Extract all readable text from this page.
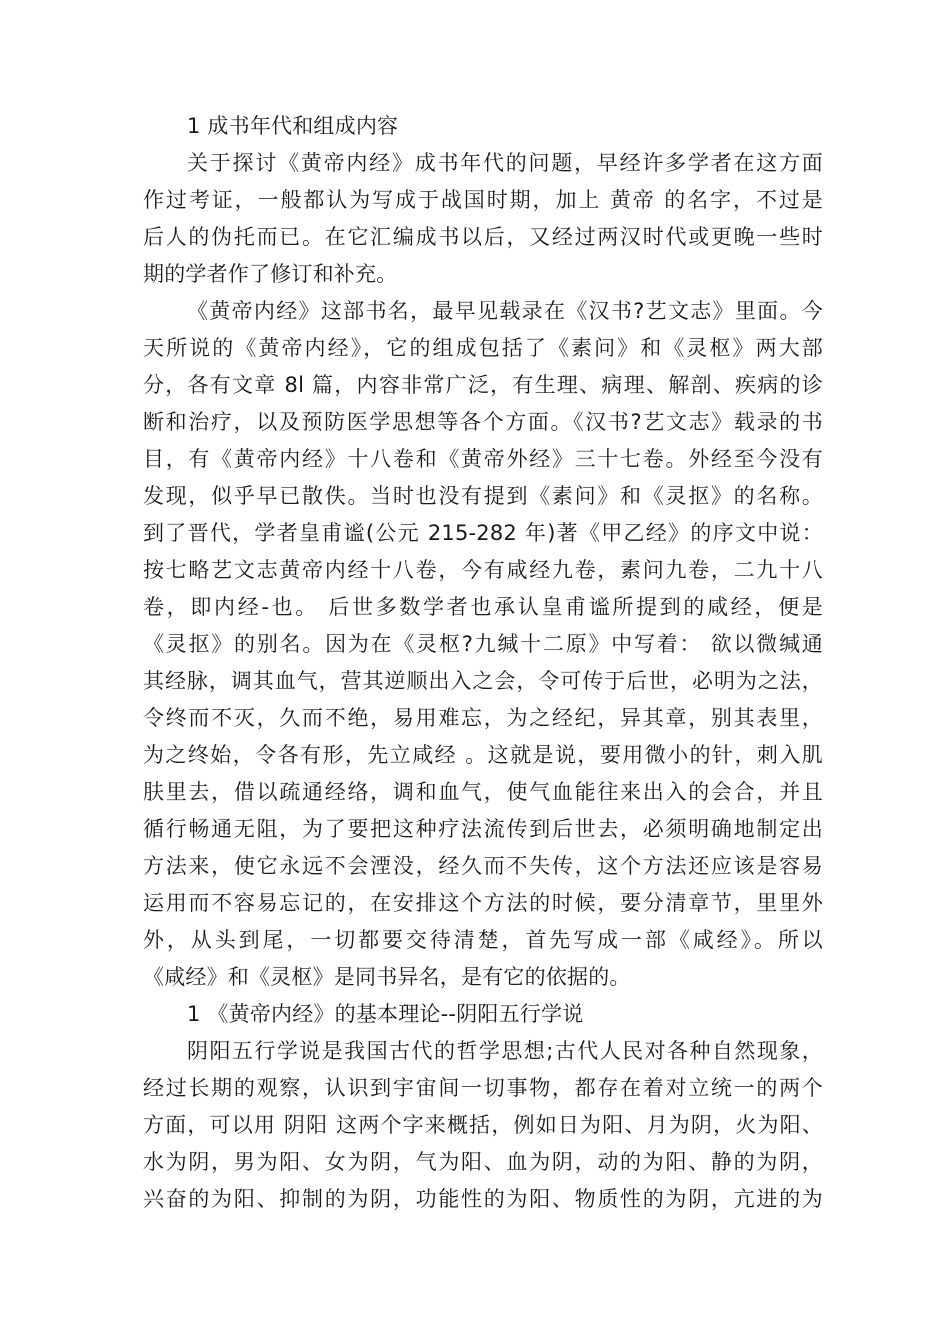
1 成书年代和组成内容
关于探讨《黄帝内经》成书年代的问题，早经许多学者在这方面
作过考证，一般都认为写成于战国时期，加上 黄帝 的名字，不过是
后人的伪托而已。在它汇编成书以后，又经过两汉时代或更晚一些时
期的学者作了修订和补充。
《黄帝内经》这部书名，最早见载录在《汉书?艺文志》里面。今
天所说的《黄帝内经》，它的组成包括了《素问》和《灵枢》两大部
分，各有文章 8l 篇，内容非常广泛，有生理、病理、解剖、疾病的诊
断和治疗，以及预防医学思想等各个方面。《汉书?艺文志》载录的书
目，有《黄帝内经》十八卷和《黄帝外经》三十七卷。外经至今没有
发现，似乎早已散佚。当时也没有提到《素问》和《灵抠》的名称。
到了晋代，学者皇甫谧(公元 215-282 年)著《甲乙经》的序文中说：
按七略艺文志黄帝内经十八卷，今有咸经九卷，素问九卷，二九十八
卷，即内经-也。 后世多数学者也承认皇甫谧所提到的咸经，便是
《灵抠》的别名。因为在《灵枢?九缄十二原》中写着： 欲以微缄通
其经脉，调其血气，营其逆顺出入之会，令可传于后世，必明为之法，
令终而不灭，久而不绝，易用难忘，为之经纪，异其章，别其表里，
为之终始，令各有形，先立咸经 。这就是说，要用微小的针，刺入肌
肤里去，借以疏通经络，调和血气，使气血能往来出入的会合，并且
循行畅通无阻，为了要把这种疗法流传到后世去，必须明确地制定出
方法来，使它永远不会湮没，经久而不失传，这个方法还应该是容易
运用而不容易忘记的，在安排这个方法的时候，要分清章节，里里外
外，从头到尾，一切都要交待清楚，首先写成一部《咸经》。所以
《咸经》和《灵枢》是同书异名，是有它的依据的。
1 《黄帝内经》的基本理论--阴阳五行学说
阴阳五行学说是我国古代的哲学思想;古代人民对各种自然现象，
经过长期的观察，认识到宇宙间一切事物，都存在着对立统一的两个
方面，可以用 阴阳 这两个字来概括，例如日为阳、月为阴，火为阳、
水为阴，男为阳、女为阴，气为阳、血为阴，动的为阳、静的为阴，
兴奋的为阳、抑制的为阴，功能性的为阳、物质性的为阴，亢进的为
